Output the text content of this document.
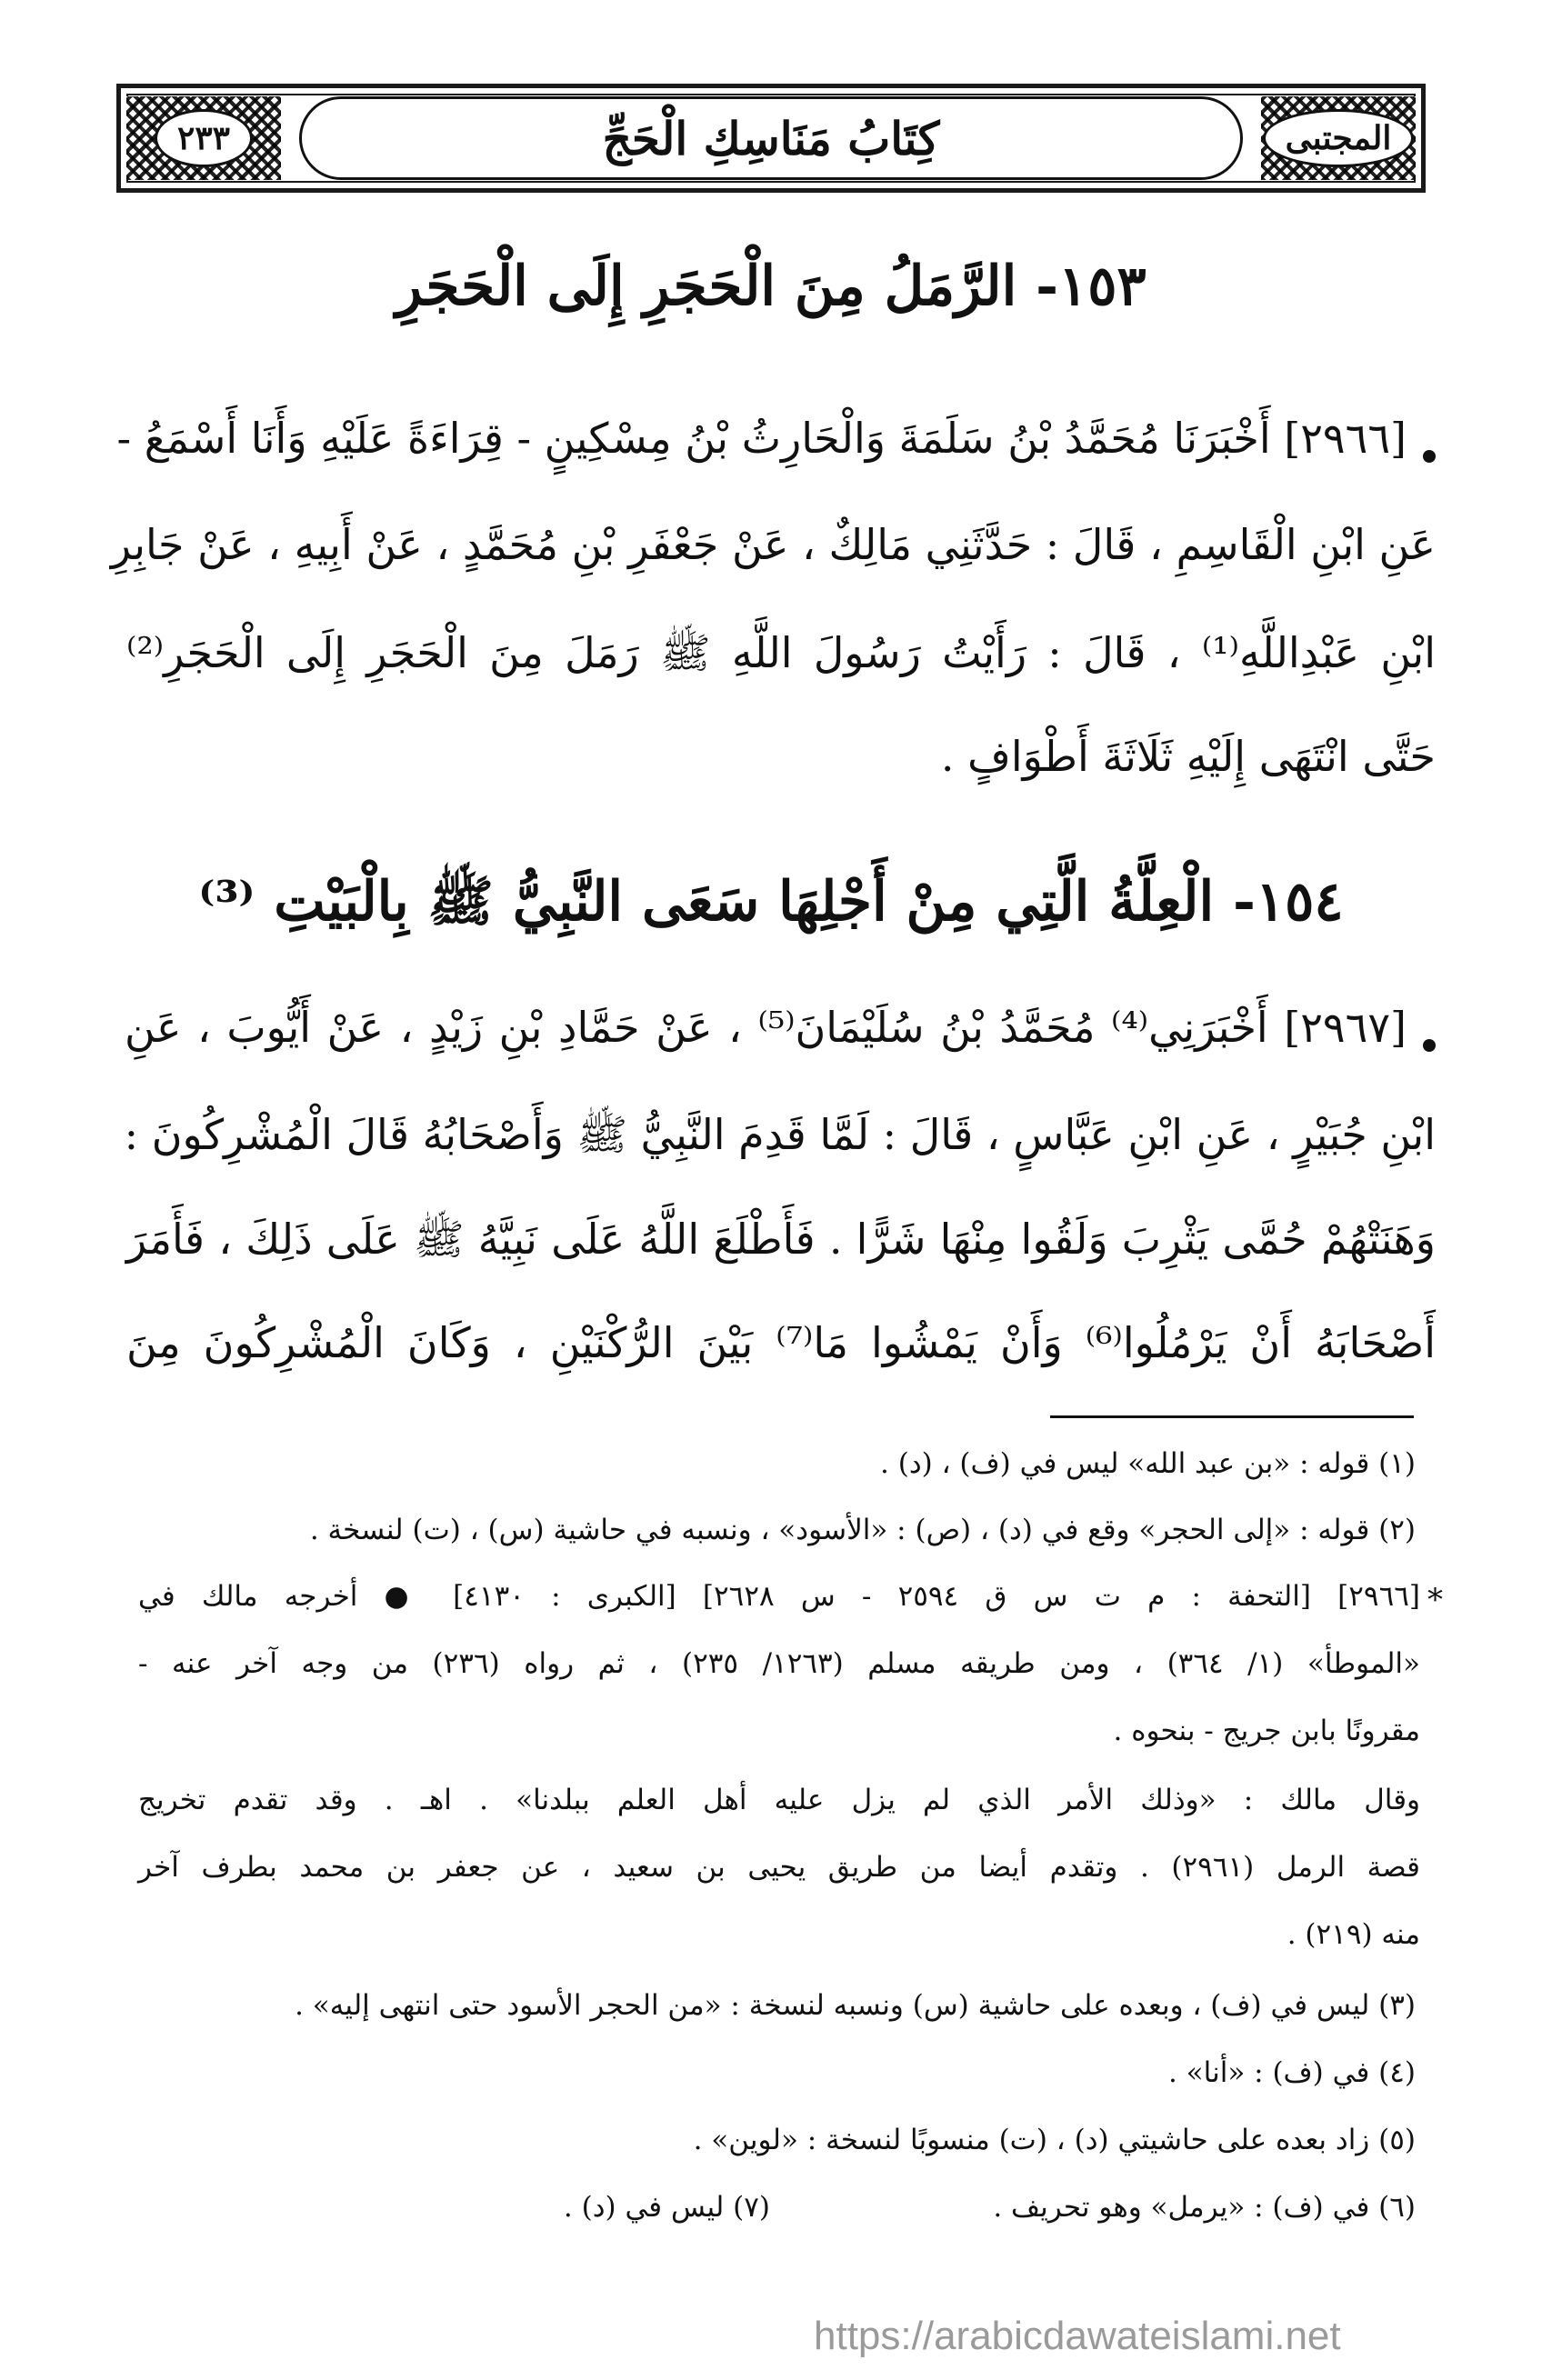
المجتبى
كِتَابُ مَنَاسِكِ الْحَجِّ
٢٣٣
١٥٣- الرَّمَلُ مِنَ الْحَجَرِ إِلَى الْحَجَرِ
[٢٩٦٦] أَخْبَرَنَا مُحَمَّدُ بْنُ سَلَمَةَ وَالْحَارِثُ بْنُ مِسْكِينٍ - قِرَاءَةً عَلَيْهِ وَأَنَا أَسْمَعُ -
عَنِ ابْنِ الْقَاسِمِ ، قَالَ : حَدَّثَنِي مَالِكٌ ، عَنْ جَعْفَرِ بْنِ مُحَمَّدٍ ، عَنْ أَبِيهِ ، عَنْ جَابِرِ
ابْنِ عَبْدِاللَّهِ⁽¹⁾ ، قَالَ : رَأَيْتُ رَسُولَ اللَّهِ ﷺ رَمَلَ مِنَ الْحَجَرِ إِلَى الْحَجَرِ⁽²⁾
حَتَّى انْتَهَى إِلَيْهِ ثَلَاثَةَ أَطْوَافٍ .
١٥٤- الْعِلَّةُ الَّتِي مِنْ أَجْلِهَا سَعَى النَّبِيُّ ﷺ بِالْبَيْتِ ⁽³⁾
[٢٩٦٧] أَخْبَرَنِي⁽⁴⁾ مُحَمَّدُ بْنُ سُلَيْمَانَ⁽⁵⁾ ، عَنْ حَمَّادِ بْنِ زَيْدٍ ، عَنْ أَيُّوبَ ، عَنِ
ابْنِ جُبَيْرٍ ، عَنِ ابْنِ عَبَّاسٍ ، قَالَ : لَمَّا قَدِمَ النَّبِيُّ ﷺ وَأَصْحَابُهُ قَالَ الْمُشْرِكُونَ :
وَهَنَتْهُمْ حُمَّى يَثْرِبَ وَلَقُوا مِنْهَا شَرًّا . فَأَطْلَعَ اللَّهُ عَلَى نَبِيَّهُ ﷺ عَلَى ذَلِكَ ، فَأَمَرَ
أَصْحَابَهُ أَنْ يَرْمُلُوا⁽⁶⁾ وَأَنْ يَمْشُوا مَا⁽⁷⁾ بَيْنَ الرُّكْنَيْنِ ، وَكَانَ الْمُشْرِكُونَ مِنَ
(١) قوله : «بن عبد الله» ليس في (ف) ، (د) .
(٢) قوله : «إلى الحجر» وقع في (د) ، (ص) : «الأسود» ، ونسبه في حاشية (س) ، (ت) لنسخة .
*
[٢٩٦٦] [التحفة : م ت س ق ٢٥٩٤ - س ٢٦٢٨] [الكبرى : ٤١٣٠] ● أخرجه مالك في
«الموطأ» (١/ ٣٦٤) ، ومن طريقه مسلم (١٢٦٣/ ٢٣٥) ، ثم رواه (٢٣٦) من وجه آخر عنه -
مقرونًا بابن جريج - بنحوه .
وقال مالك : «وذلك الأمر الذي لم يزل عليه أهل العلم ببلدنا» . اهـ . وقد تقدم تخريج
قصة الرمل (٢٩٦١) . وتقدم أيضا من طريق يحيى بن سعيد ، عن جعفر بن محمد بطرف آخر
منه (٢١٩) .
(٣) ليس في (ف) ، وبعده على حاشية (س) ونسبه لنسخة : «من الحجر الأسود حتى انتهى إليه» .
(٤) في (ف) : «أنا» .
(٥) زاد بعده على حاشيتي (د) ، (ت) منسوبًا لنسخة : «لوين» .
(٦) في (ف) : «يرمل» وهو تحريف .
(٧) ليس في (د) .
https://arabicdawateislami.net
